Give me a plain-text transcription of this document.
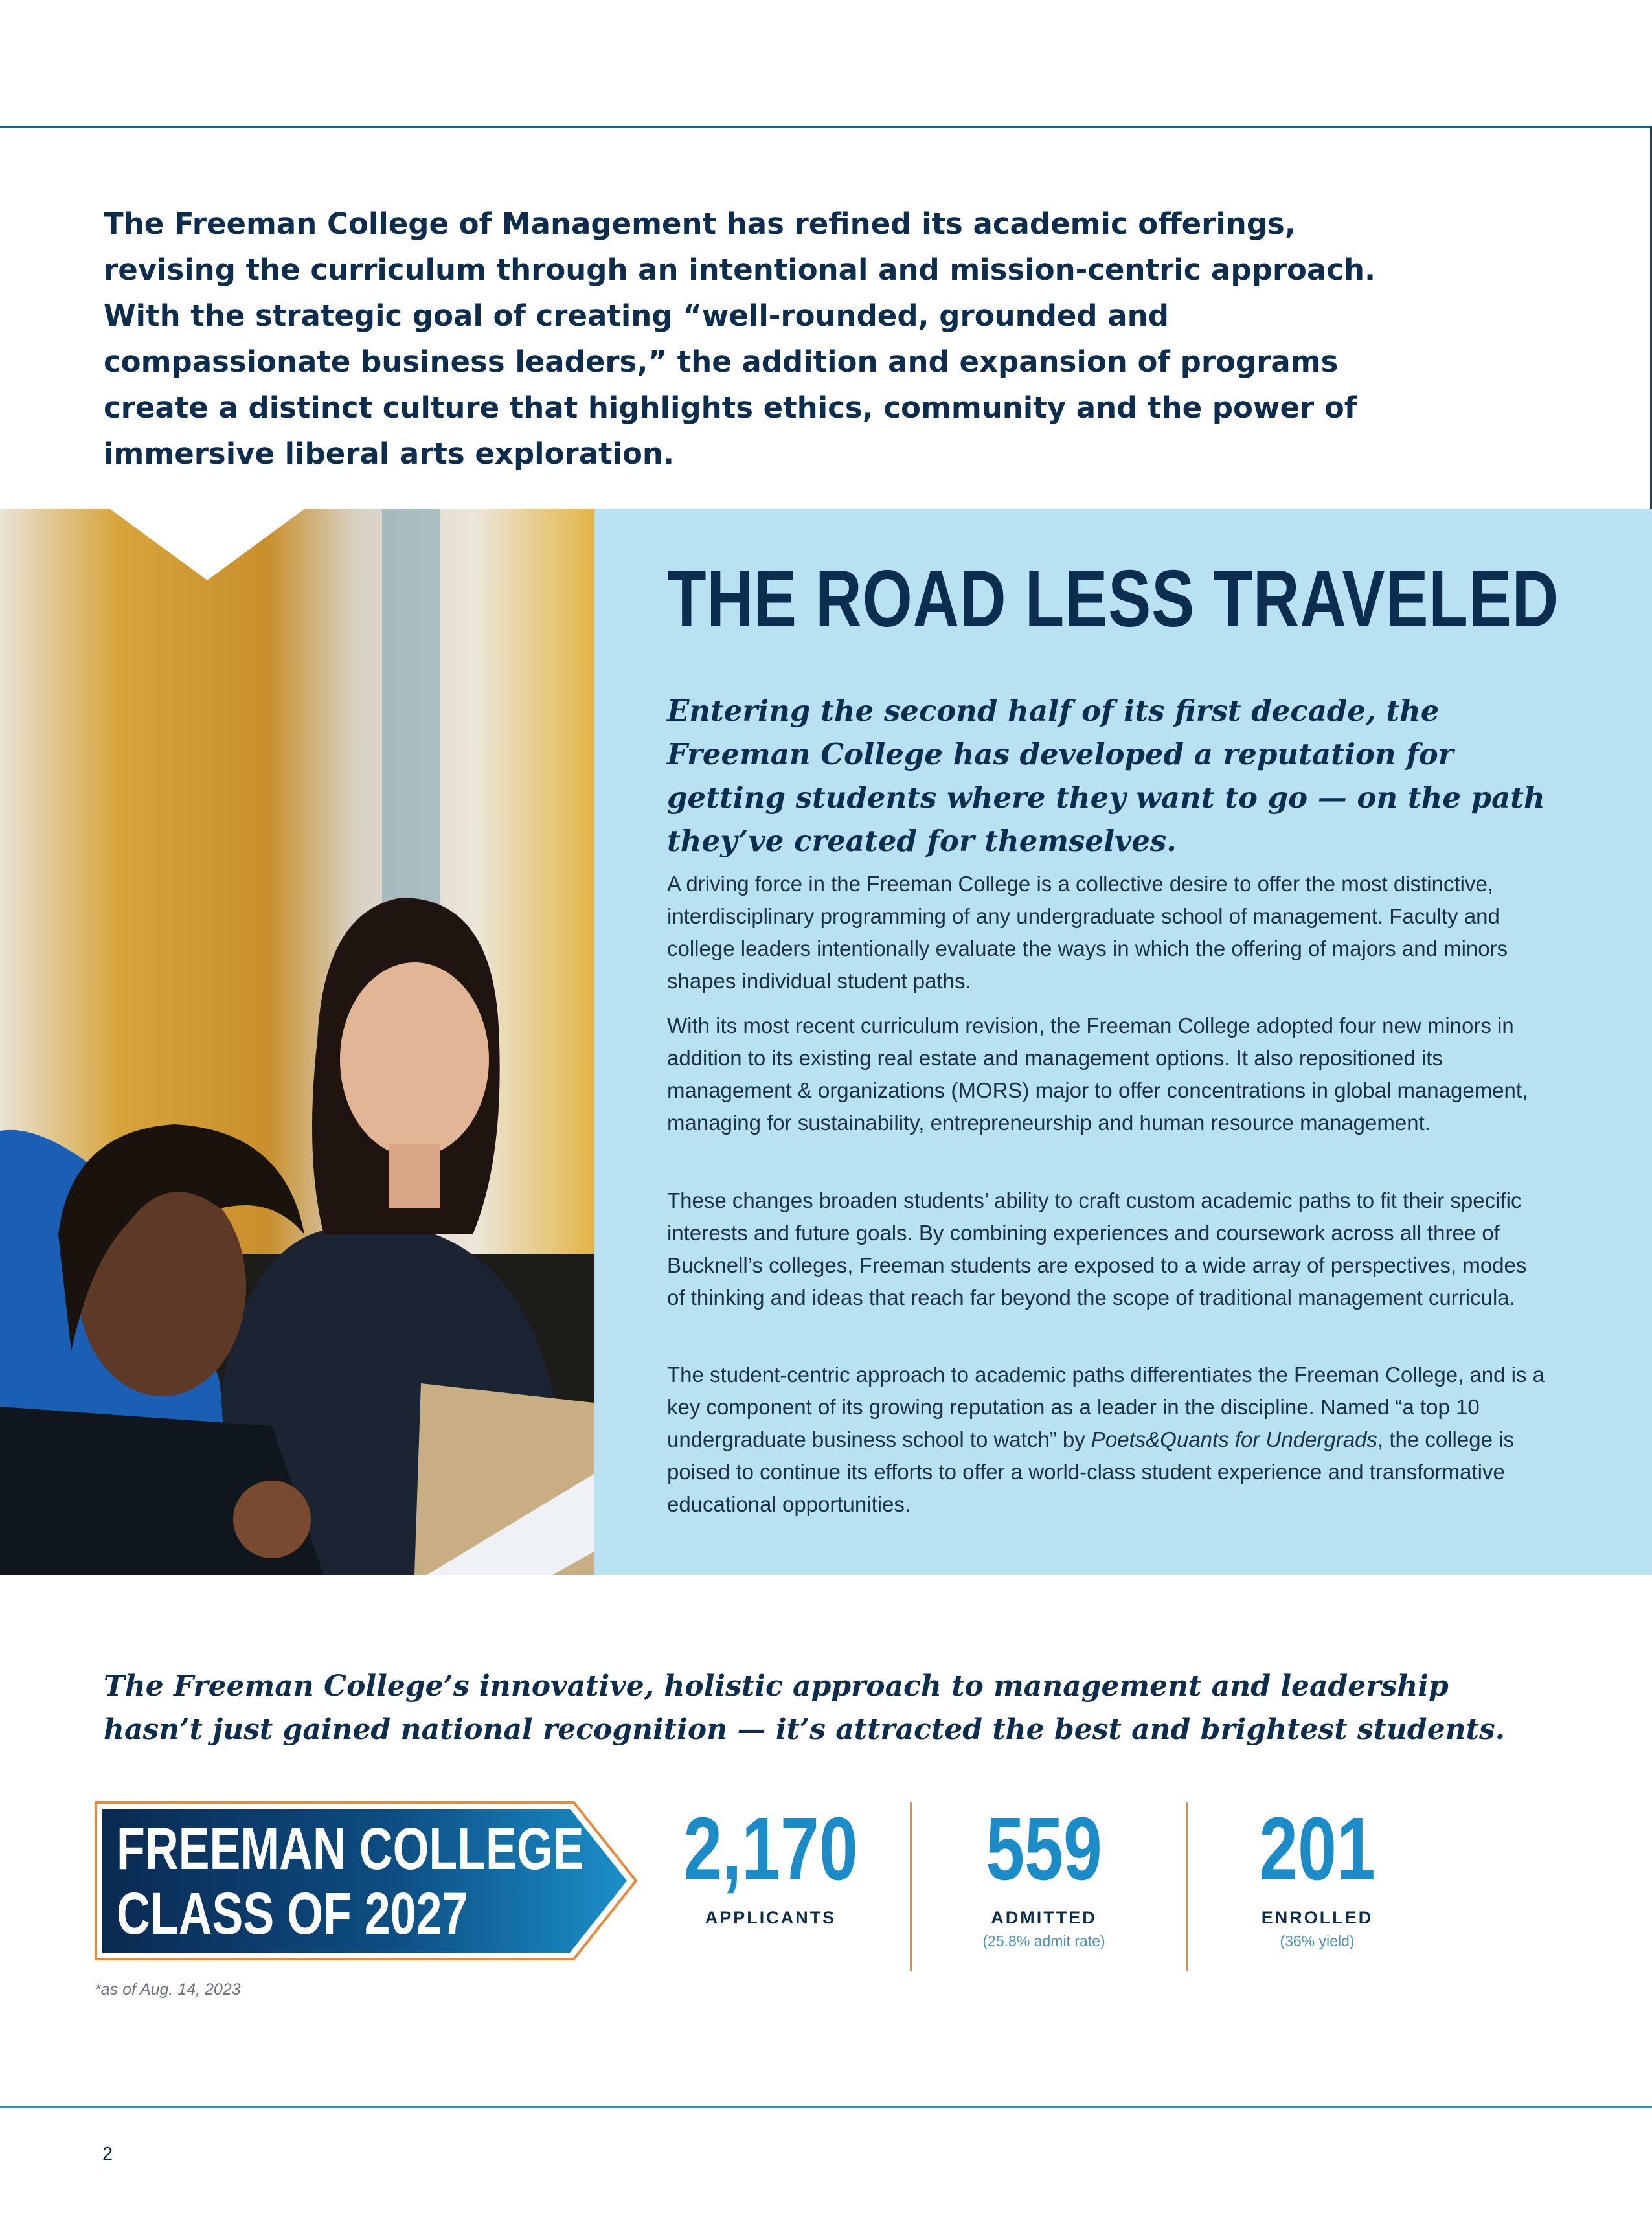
The Freeman College of Management has refined its academic offerings, revising the curriculum through an intentional and mission-centric approach. With the strategic goal of creating “well-rounded, grounded and compassionate business leaders,” the addition and expansion of programs create a distinct culture that highlights ethics, community and the power of immersive liberal arts exploration.

THE ROAD LESS TRAVELED

Entering the second half of its first decade, the Freeman College has developed a reputation for getting students where they want to go — on the path they’ve created for themselves.

A driving force in the Freeman College is a collective desire to offer the most distinctive, interdisciplinary programming of any undergraduate school of management. Faculty and college leaders intentionally evaluate the ways in which the offering of majors and minors shapes individual student paths.

With its most recent curriculum revision, the Freeman College adopted four new minors in addition to its existing real estate and management options. It also repositioned its management & organizations (MORS) major to offer concentrations in global management, managing for sustainability, entrepreneurship and human resource management.

These changes broaden students’ ability to craft custom academic paths to fit their specific interests and future goals. By combining experiences and coursework across all three of Bucknell’s colleges, Freeman students are exposed to a wide array of perspectives, modes of thinking and ideas that reach far beyond the scope of traditional management curricula.

The student-centric approach to academic paths differentiates the Freeman College, and is a key component of its growing reputation as a leader in the discipline. Named “a top 10 undergraduate business school to watch” by Poets&Quants for Undergrads, the college is poised to continue its efforts to offer a world-class student experience and transformative educational opportunities.

The Freeman College’s innovative, holistic approach to management and leadership hasn’t just gained national recognition — it’s attracted the best and brightest students.

FREEMAN COLLEGE

CLASS OF 2027

2,170
APPLICANTS
559
ADMITTED
(25.8% admit rate)
201
ENROLLED
(36% yield)

*as of Aug. 14, 2023

2
